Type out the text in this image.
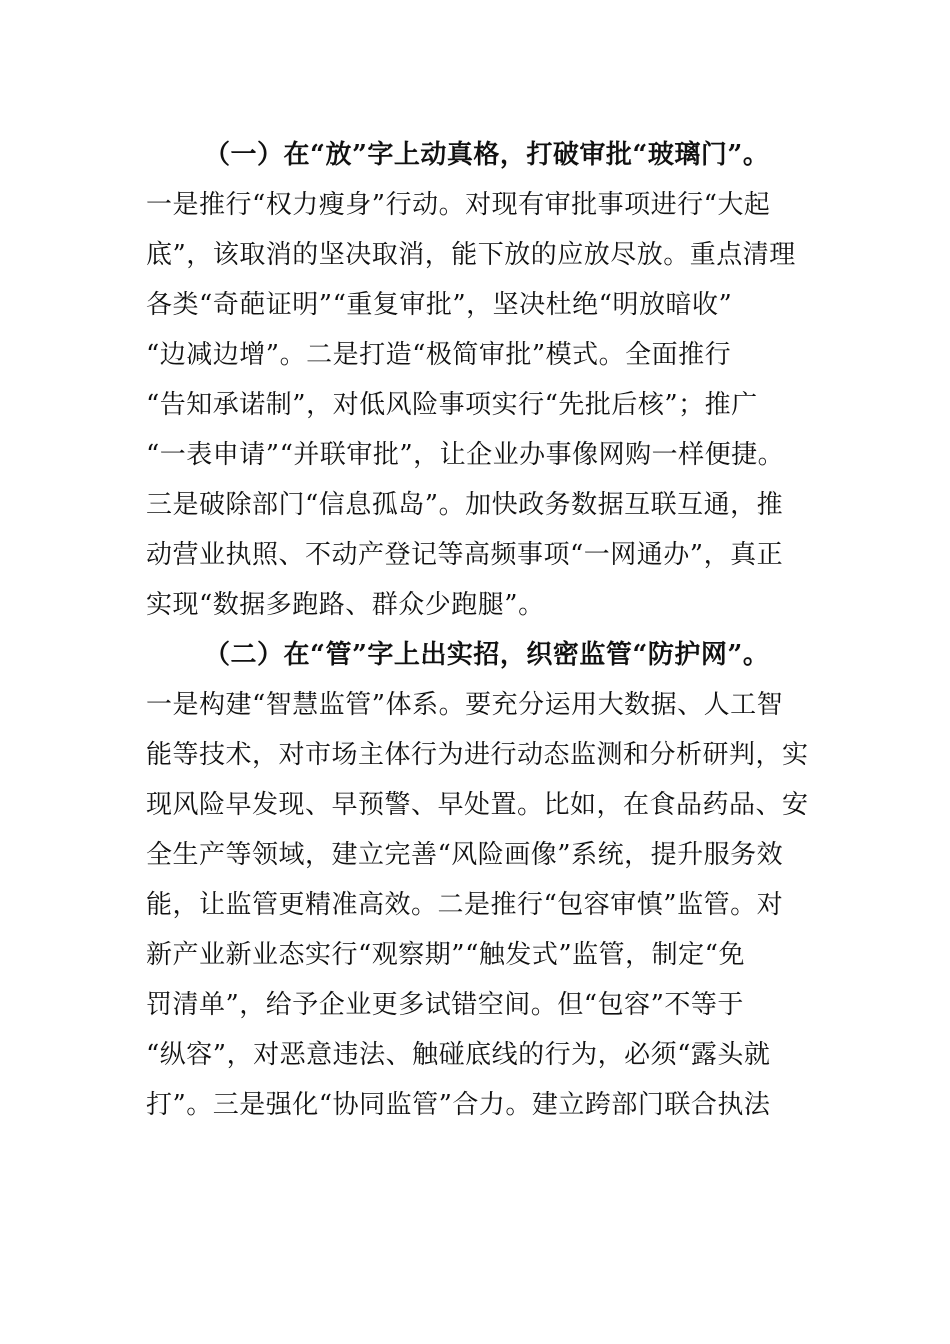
（一）在“放”字上动真格，打破审批“玻璃门”。
一是推行“权力瘦身”行动。对现有审批事项进行“大起
底”，该取消的坚决取消，能下放的应放尽放。重点清理
各类“奇葩证明”“重复审批”，坚决杜绝“明放暗收”
“边减边增”。二是打造“极简审批”模式。全面推行
“告知承诺制”，对低风险事项实行“先批后核”；推广
“一表申请”“并联审批”，让企业办事像网购一样便捷。
三是破除部门“信息孤岛”。加快政务数据互联互通，推
动营业执照、不动产登记等高频事项“一网通办”，真正
实现“数据多跑路、群众少跑腿”。
（二）在“管”字上出实招，织密监管“防护网”。
一是构建“智慧监管”体系。要充分运用大数据、人工智
能等技术，对市场主体行为进行动态监测和分析研判，实
现风险早发现、早预警、早处置。比如，在食品药品、安
全生产等领域，建立完善“风险画像”系统，提升服务效
能，让监管更精准高效。二是推行“包容审慎”监管。对
新产业新业态实行“观察期”“触发式”监管，制定“免
罚清单”，给予企业更多试错空间。但“包容”不等于
“纵容”，对恶意违法、触碰底线的行为，必须“露头就
打”。三是强化“协同监管”合力。建立跨部门联合执法
